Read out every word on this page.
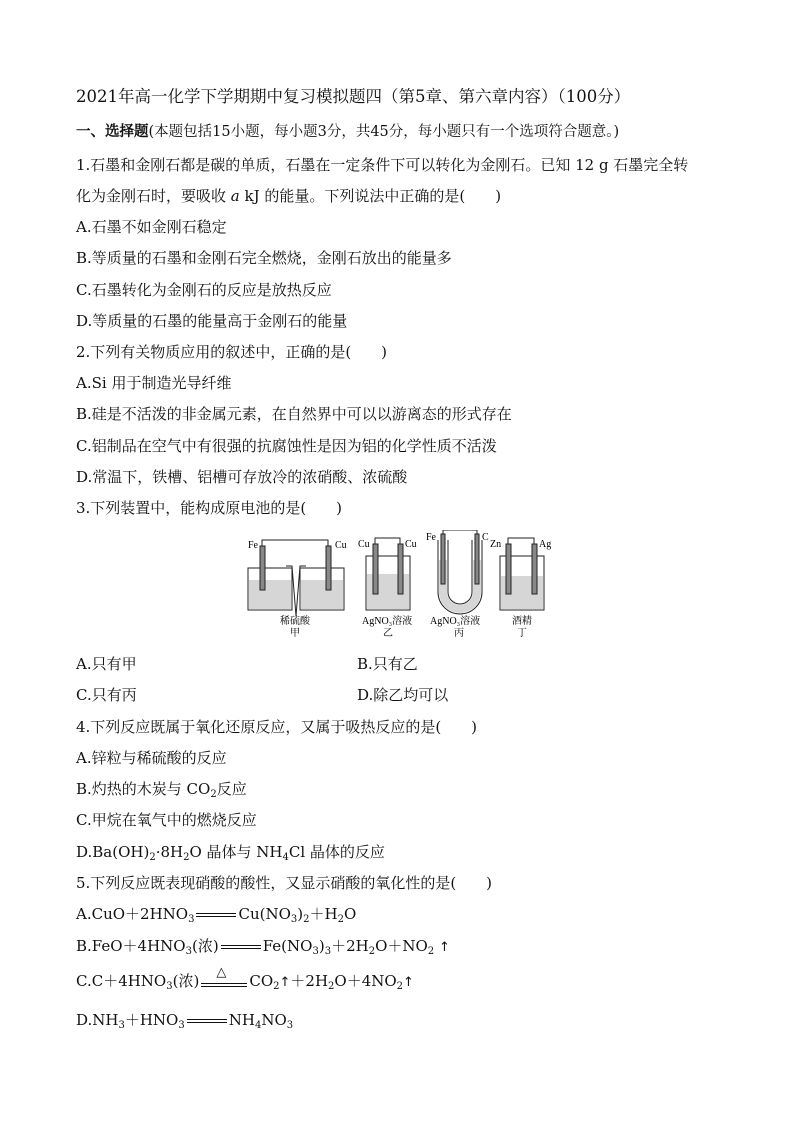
2021年高一化学下学期期中复习模拟题四（第5章、第六章内容）（100分）
一、选择题(本题包括15小题，每小题3分，共45分，每小题只有一个选项符合题意。)
1.石墨和金刚石都是碳的单质，石墨在一定条件下可以转化为金刚石。已知 12 g 石墨完全转
化为金刚石时，要吸收 a kJ 的能量。下列说法中正确的是(　　)
A.石墨不如金刚石稳定
B.等质量的石墨和金刚石完全燃烧，金刚石放出的能量多
C.石墨转化为金刚石的反应是放热反应
D.等质量的石墨的能量高于金刚石的能量
2.下列有关物质应用的叙述中，正确的是(　　)
A.Si 用于制造光导纤维
B.硅是不活泼的非金属元素，在自然界中可以以游离态的形式存在
C.铝制品在空气中有很强的抗腐蚀性是因为铝的化学性质不活泼
D.常温下，铁槽、铝槽可存放冷的浓硝酸、浓硫酸
3.下列装置中，能构成原电池的是(　　)
Fe	Cu
稀硫酸
甲
Cu	Cu
AgNO₃溶液
乙
Fe	C
AgNO₃溶液
丙
Zn	Ag
酒精
丁
A.只有甲	B.只有乙
C.只有丙	D.除乙均可以
4.下列反应既属于氧化还原反应，又属于吸热反应的是(　　)
A.锌粒与稀硫酸的反应
B.灼热的木炭与 $CO_2$反应
C.甲烷在氧气中的燃烧反应
$D.Ba(OH)_2\cdot 8H_2O$ 晶体与 $NH_4Cl$ 晶体的反应
5.下列反应既表现硝酸的酸性，又显示硝酸的氧化性的是(　　)
$A.CuO+2HNO_3$	$Cu(NO_3)_2+H_2O$
$B.FeO+4HNO_3$(浓)	$Fe(NO_3)_3+2H_2O+NO_2$ ↑
$C.C+4HNO_3$(浓) △ $CO_2↑+2H_2O+4NO_2↑$
$D.NH_3+HNO_3$	$NH_4NO_3$
